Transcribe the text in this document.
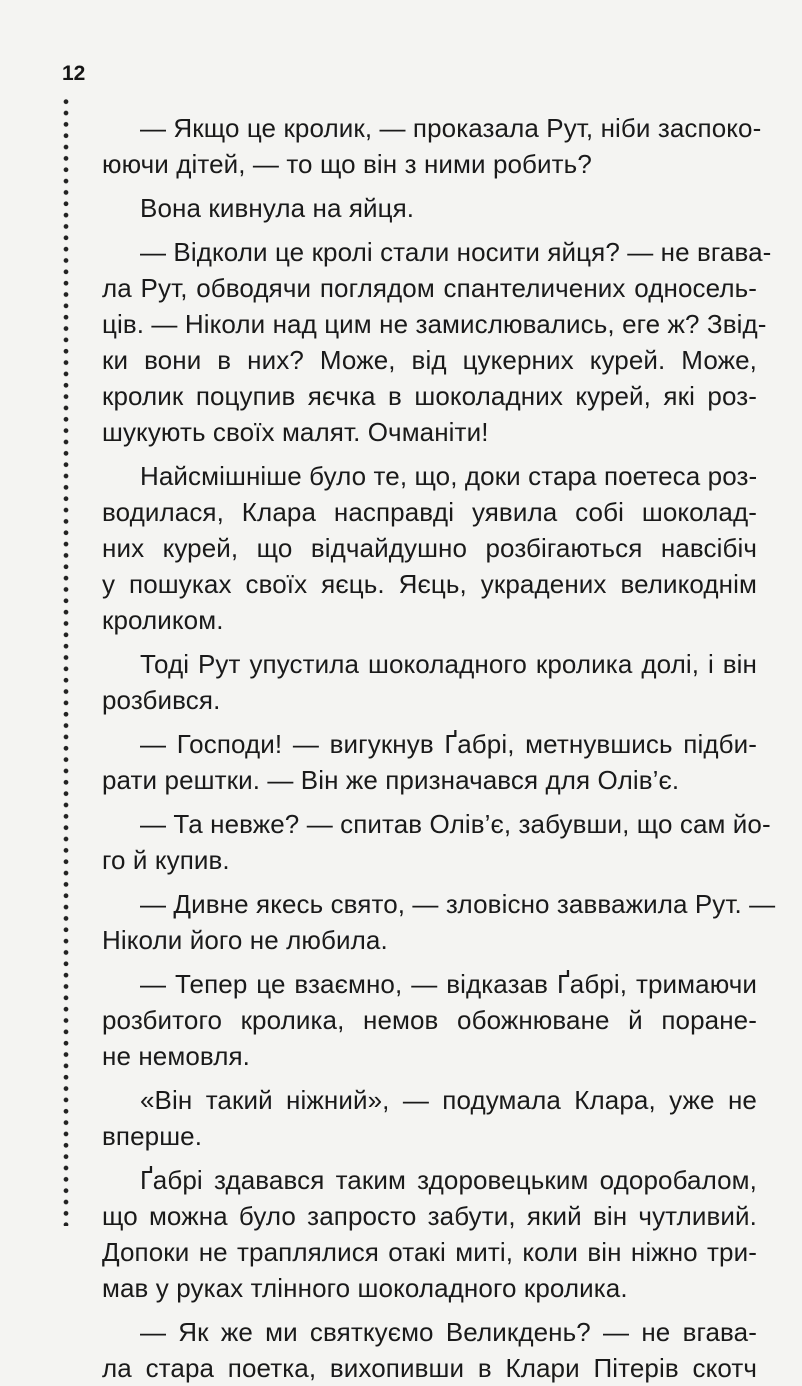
12
— Якщо це кролик, — проказала Рут, ніби заспоко-
юючи дітей, — то що він з ними робить?
Вона кивнула на яйця.
— Відколи це кролі стали носити яйця? — не вгава-
ла Рут, обводячи поглядом спантеличених односель-
ців. — Ніколи над цим не замислювались, еге ж? Звід-
ки вони в них? Може, від цукерних курей. Може,
кролик поцупив яєчка в шоколадних курей, які роз-
шукують своїх малят. Очманіти!
Найсмішніше було те, що, доки стара поетеса роз-
водилася, Клара насправді уявила собі шоколад-
них курей, що відчайдушно розбігаються навсібіч
у пошуках своїх яєць. Яєць, украдених великоднім
кроликом.
Тоді Рут упустила шоколадного кролика долі, і він
розбився.
— Господи! — вигукнув Ґабрі, метнувшись підби-
рати рештки. — Він же призначався для Олів’є.
— Та невже? — спитав Олів’є, забувши, що сам йо-
го й купив.
— Дивне якесь свято, — зловісно завважила Рут. —
Ніколи його не любила.
— Тепер це взаємно, — відказав Ґабрі, тримаючи
розбитого кролика, немов обожнюване й поране-
не немовля.
«Він такий ніжний», — подумала Клара, уже не
вперше.
Ґабрі здавався таким здоровецьким одоробалом,
що можна було запросто забути, який він чутливий.
Допоки не траплялися отакі миті, коли він ніжно три-
мав у руках тлінного шоколадного кролика.
— Як же ми святкуємо Великдень? — не вгава-
ла стара поетка, вихопивши в Клари Пітерів скотч
